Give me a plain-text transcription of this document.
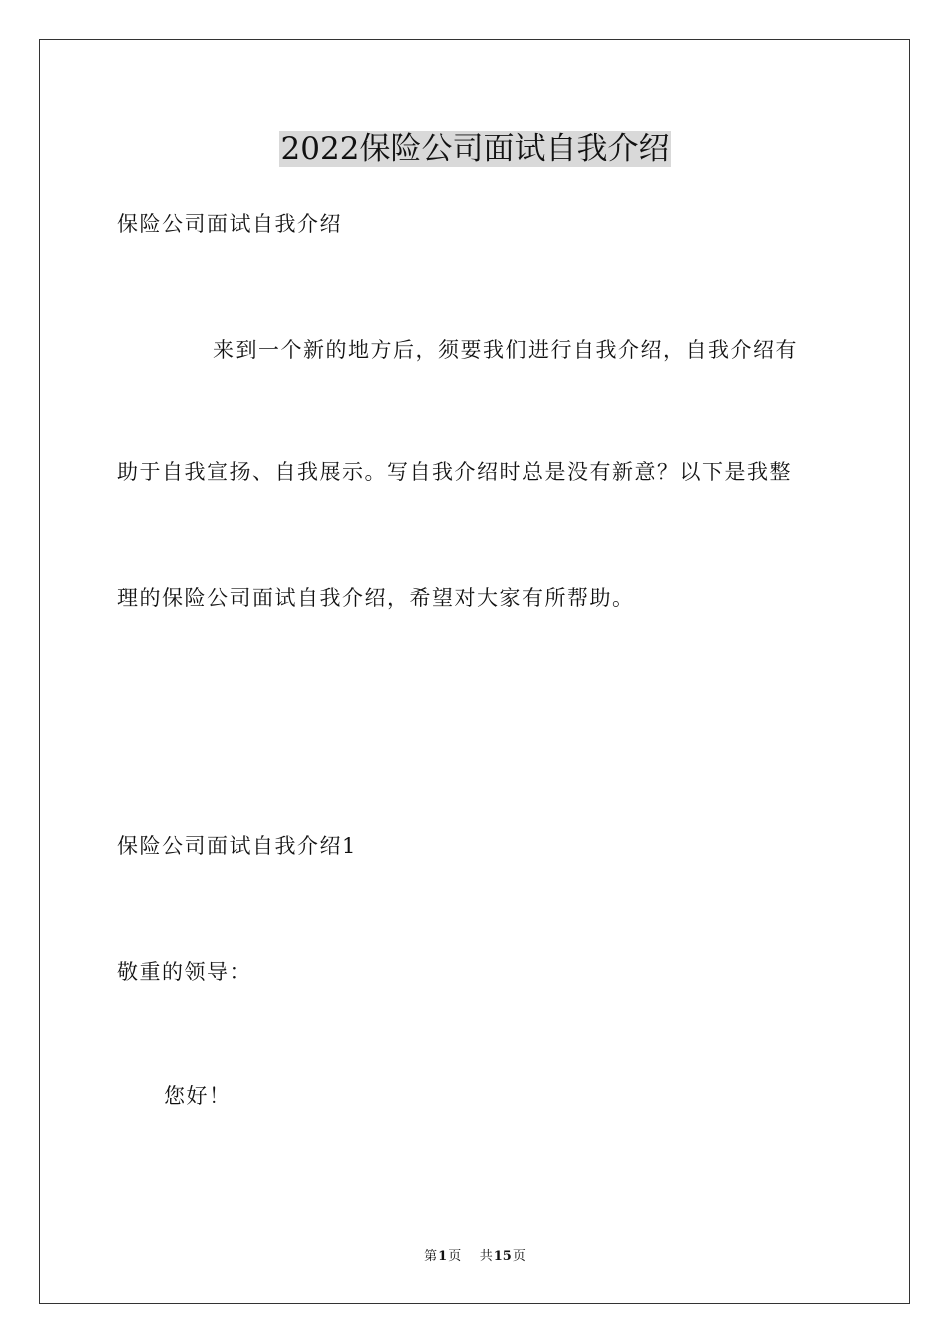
2022保险公司面试自我介绍

保险公司面试自我介绍

来到一个新的地方后，须要我们进行自我介绍，自我介绍有

助于自我宣扬、自我展示。写自我介绍时总是没有新意？以下是我整

理的保险公司面试自我介绍，希望对大家有所帮助。

保险公司面试自我介绍1

敬重的领导：

您好！

第1页 共15页
